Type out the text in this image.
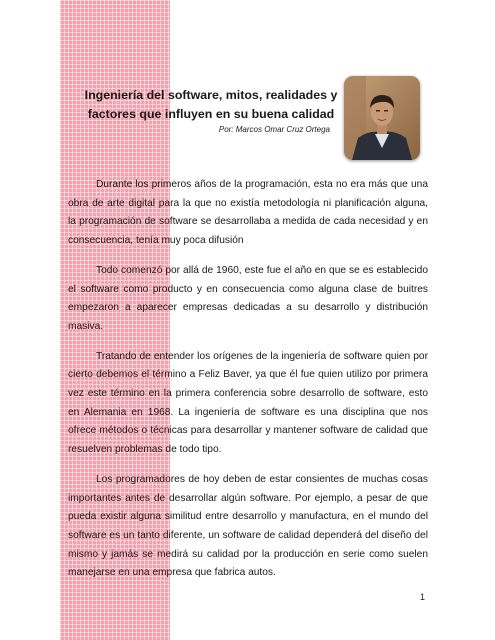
Ingeniería del software, mitos, realidades y
factores que influyen en su buena calidad
Por: Marcos Omar Cruz Ortega

Durante los primeros años de la programación, esta no era más que una obra de arte digital para la que no existía metodología ni planificación alguna, la programación de software se desarrollaba a medida de cada necesidad y en consecuencia, tenía muy poca difusión

Todo comenzó por allá de 1960, este fue el año en que se es establecido el software como producto y en consecuencia como alguna clase de buitres empezaron a aparecer empresas dedicadas a su desarrollo y distribución masiva.

Tratando de entender los orígenes de la ingeniería de software quien por cierto debemos el término a Feliz Baver, ya que él fue quien utilizo por primera vez este término en la primera conferencia sobre desarrollo de software, esto en Alemania en 1968. La ingeniería de software es una disciplina que nos ofrece métodos o técnicas para desarrollar y mantener software de calidad que resuelven problemas de todo tipo.

Los programadores de hoy deben de estar consientes de muchas cosas importantes antes de desarrollar algún software. Por ejemplo, a pesar de que pueda existir alguna similitud entre desarrollo y manufactura, en el mundo del software es un tanto diferente, un software de calidad dependerá del diseño del mismo y jamás se medirá su calidad por la producción en serie como suelen manejarse en una empresa que fabrica autos.

1
